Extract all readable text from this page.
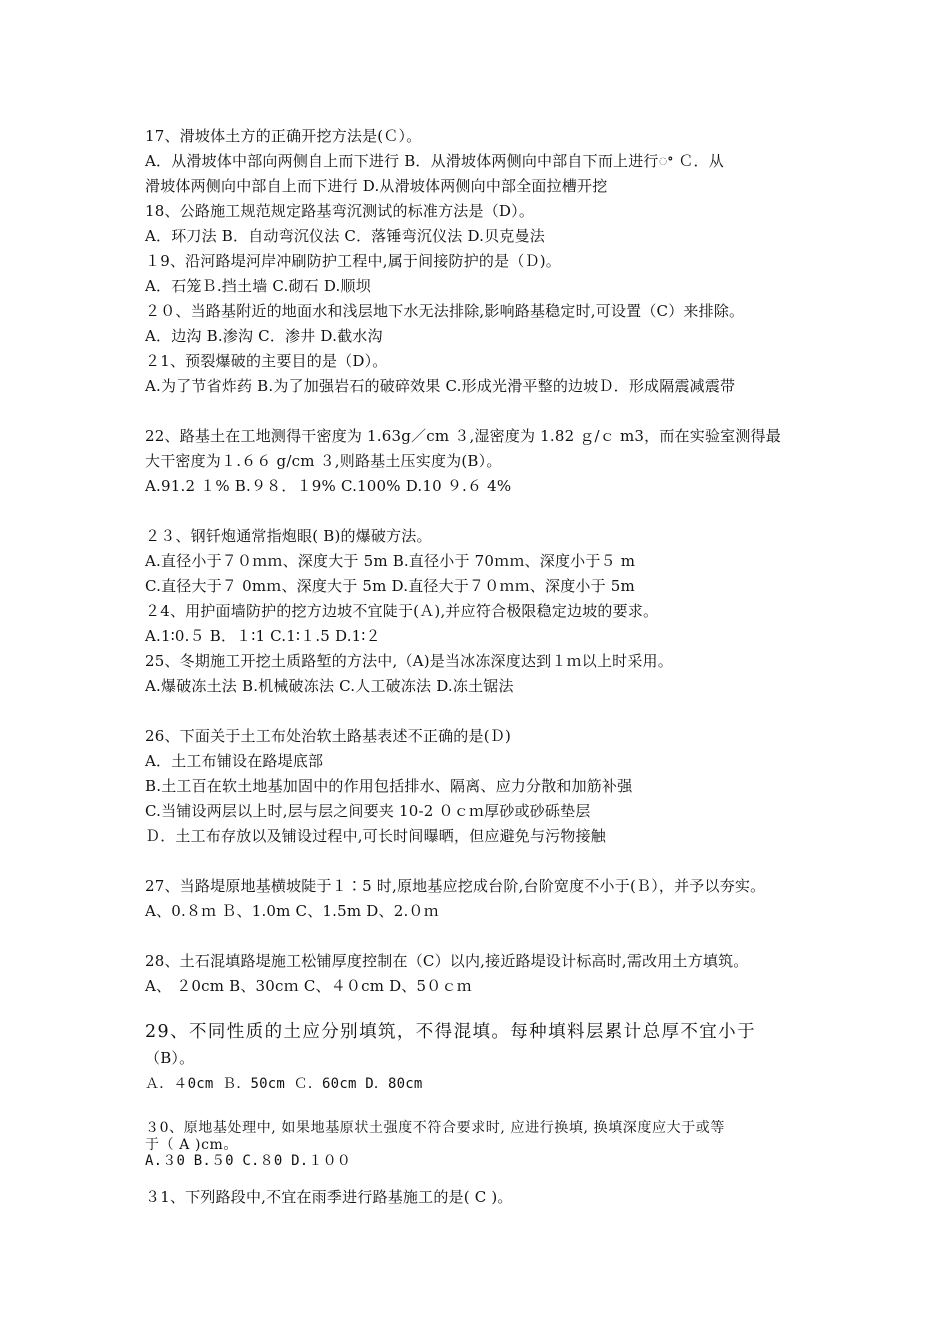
17、滑坡体土方的正确开挖方法是(Ｃ）。
A．从滑坡体中部向两侧自上而下进行 B．从滑坡体两侧向中部自下而上进行ꢀ Ｃ．从
滑坡体两侧向中部自上而下进行 D.从滑坡体两侧向中部全面拉槽开挖
18、公路施工规范规定路基弯沉测试的标准方法是（D）。
A．环刀法 B．自动弯沉仪法 C．落锤弯沉仪法 D.贝克曼法
１9、沿河路堤河岸冲刷防护工程中,属于间接防护的是（Ｄ)。
A．石笼Ｂ.挡土墙 C.砌石 D.顺坝
２０、当路基附近的地面水和浅层地下水无法排除,影响路基稳定时,可设置（C）来排除。
A．边沟 B.渗沟 C．渗井 D.截水沟
２1、预裂爆破的主要目的是（D）。
A.为了节省炸药 B.为了加强岩石的破碎效果 C.形成光滑平整的边坡Ｄ．形成隔震减震带
22、路基土在工地测得干密度为 1.63g／cm ３,湿密度为 1.82 ｇ/ｃ m3，而在实验室测得最
大干密度为１.６６ g/cm ３,则路基土压实度为(B）。
A.91.2 １% B.９８．１9% C.100% D.10 ９.６ 4%
２３、钢钎炮通常指炮眼( B)的爆破方法。
A.直径小于７０ｍｍ、深度大于 5m B.直径小于 70ｍｍ、深度小于５ m
C.直径大于７ 0mｍ、深度大于 5m D.直径大于７０ｍｍ、深度小于 5m
２4、用护面墙防护的挖方边坡不宜陡于(Ａ),并应符合极限稳定边坡的要求。
A.1∶0.５ B．１∶1 C.1∶１.5 D.1∶２
25、冬期施工开挖土质路堑的方法中,（A)是当冰冻深度达到１ｍ以上时采用。
A.爆破冻土法 B.机械破冻法 C.人工破冻法 D.冻土锯法
26、下面关于土工布处治软土路基表述不正确的是(Ｄ)
A．土工布铺设在路堤底部
B.土工百在软土地基加固中的作用包括排水、隔离、应力分散和加筋补强
C.当铺设两层以上时,层与层之间要夹 10-2 ０ｃｍ厚砂或砂砾垫层
Ｄ．土工布存放以及铺设过程中,可长时间曝晒，但应避免与污物接触
27、当路堤原地基横坡陡于１∶5 时,原地基应挖成台阶,台阶宽度不小于(Ｂ），并予以夯实。
A、0.８ｍ Ｂ、1.0m C、1.5m D、2.０ｍ
28、土石混填路堤施工松铺厚度控制在（C）以内,接近路堤设计标高时,需改用土方填筑。
A、 ２0cm B、30cｍ C、４０cm D、5０ｃｍ
29、不同性质的土应分别填筑，不得混填。每种填料层累计总厚不宜小于
（B）。
Ａ．４0cm Ｂ．50cm Ｃ．60cm D．80cm
３0、原地基处理中, 如果地基原状土强度不符合要求时, 应进行换填, 换填深度应大于或等
于（ A )cm。
A.３0 B.５0 C.８0 D.１００
３1、下列路段中,不宜在雨季进行路基施工的是( C )。
